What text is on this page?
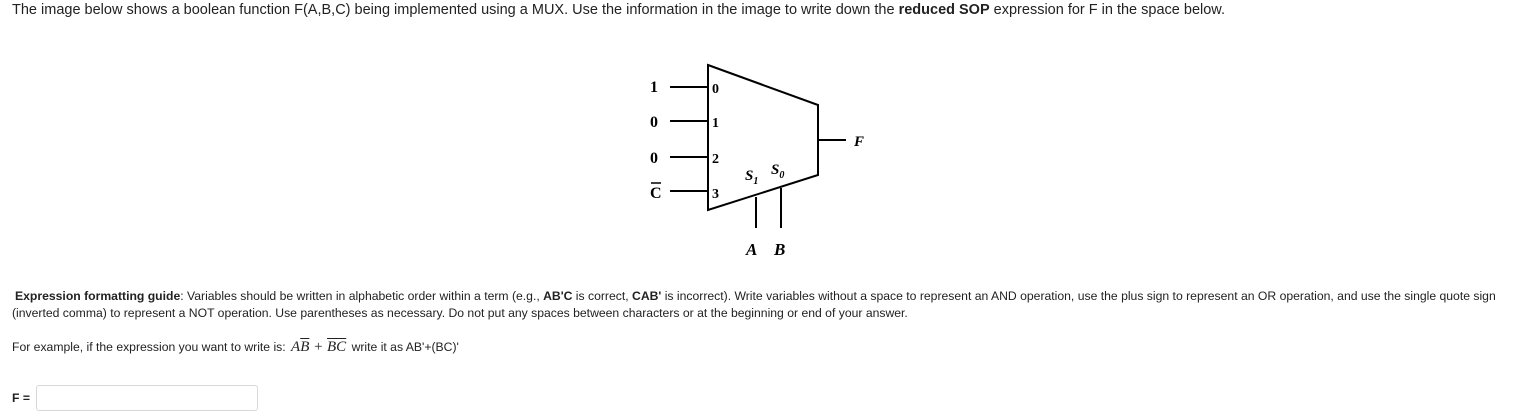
The image below shows a boolean function F(A,B,C) being implemented using a MUX. Use the information in the image to write down the reduced SOP expression for F in the space below.
1
0
0
C
0
1
2
3
$S_1$
$S_0$
A B
F
Expression formatting guide: Variables should be written in alphabetic order within a term (e.g., AB'C is correct, CAB' is incorrect). Write variables without a space to represent an AND operation, use the plus sign to represent an OR operation, and use the single quote sign (inverted comma) to represent a NOT operation. Use parentheses as necessary. Do not put any spaces between characters or at the beginning or end of your answer.
For example, if the expression you want to write is: $A\overline{B} + \overline{BC}$ write it as AB'+(BC)'
F =
